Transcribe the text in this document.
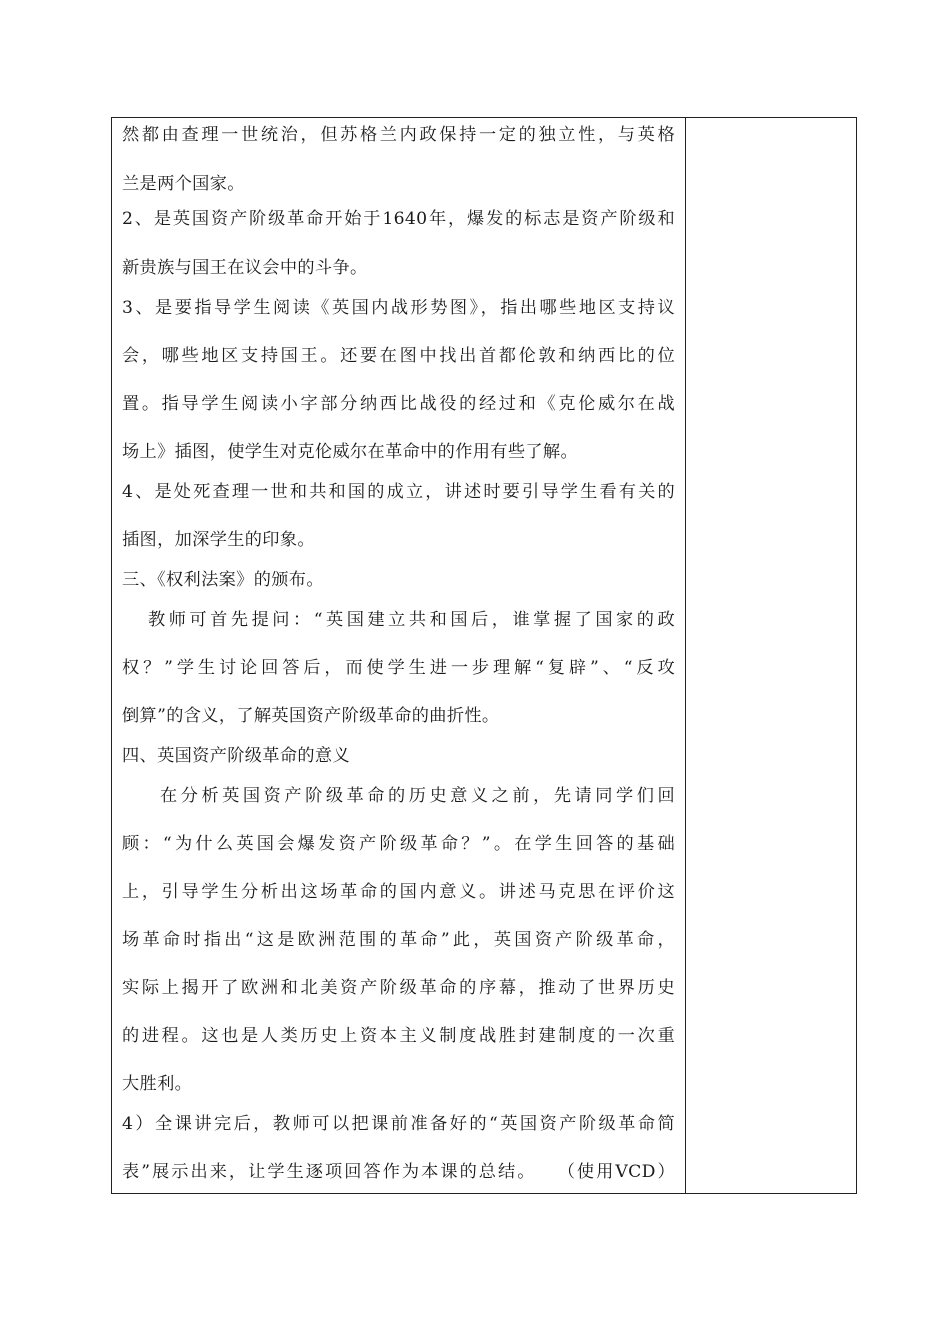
然都由查理一世统治，但苏格兰内政保持一定的独立性，与英格
兰是两个国家。
2、是英国资产阶级革命开始于1640年，爆发的标志是资产阶级和
新贵族与国王在议会中的斗争。
3、是要指导学生阅读《英国内战形势图》，指出哪些地区支持议
会，哪些地区支持国王。还要在图中找出首都伦敦和纳西比的位
置。指导学生阅读小字部分纳西比战役的经过和《克伦威尔在战
场上》插图，使学生对克伦威尔在革命中的作用有些了解。
4、是处死查理一世和共和国的成立，讲述时要引导学生看有关的
插图，加深学生的印象。
三、《权利法案》的颁布。
教师可首先提问：“英国建立共和国后，谁掌握了国家的政
权？”学生讨论回答后，而使学生进一步理解“复辟”、“反攻
倒算”的含义，了解英国资产阶级革命的曲折性。
四、英国资产阶级革命的意义
在分析英国资产阶级革命的历史意义之前，先请同学们回
顾：“为什么英国会爆发资产阶级革命？”。在学生回答的基础
上，引导学生分析出这场革命的国内意义。讲述马克思在评价这
场革命时指出“这是欧洲范围的革命”此，英国资产阶级革命，
实际上揭开了欧洲和北美资产阶级革命的序幕，推动了世界历史
的进程。这也是人类历史上资本主义制度战胜封建制度的一次重
大胜利。
4）全课讲完后，教师可以把课前准备好的“英国资产阶级革命简
表”展示出来，让学生逐项回答作为本课的总结。　　（使用VCD）
